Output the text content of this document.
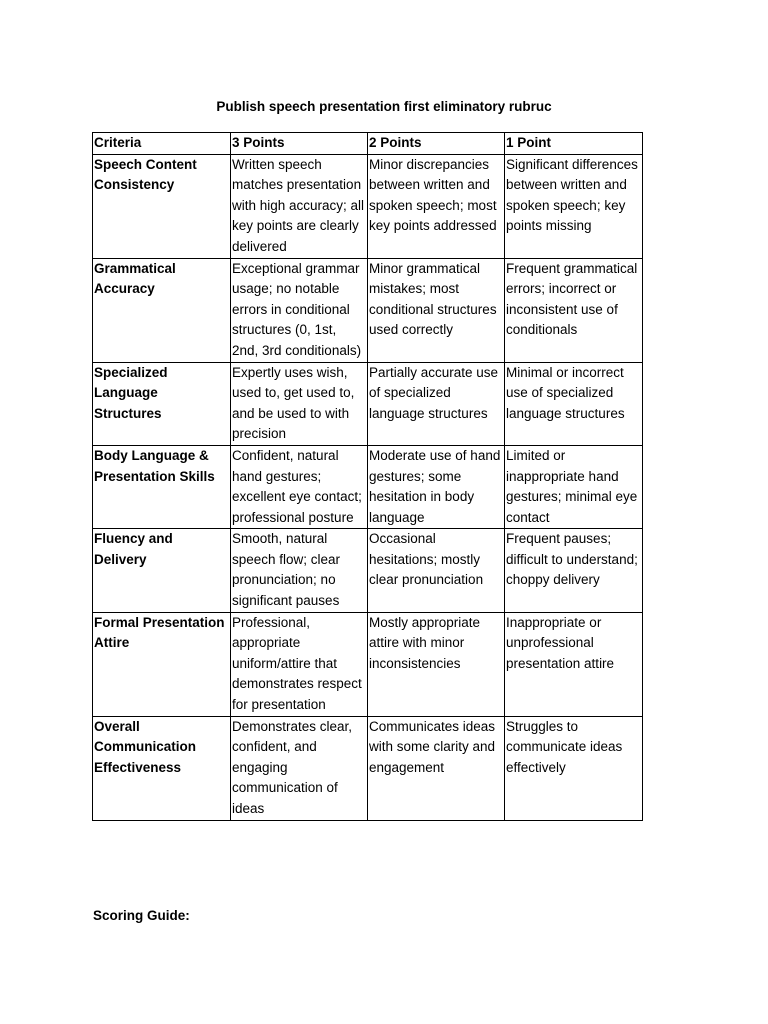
Publish speech presentation first eliminatory rubruc
Criteria	3 Points	2 Points	1 Point
Speech Content Consistency	Written speech matches presentation with high accuracy; all key points are clearly delivered	Minor discrepancies between written and spoken speech; most key points addressed	Significant differences between written and spoken speech; key points missing
Grammatical Accuracy	Exceptional grammar usage; no notable errors in conditional structures (0, 1st, 2nd, 3rd conditionals)	Minor grammatical mistakes; most conditional structures used correctly	Frequent grammatical errors; incorrect or inconsistent use of conditionals
Specialized Language Structures	Expertly uses wish, used to, get used to, and be used to with precision	Partially accurate use of specialized language structures	Minimal or incorrect use of specialized language structures
Body Language & Presentation Skills	Confident, natural hand gestures; excellent eye contact; professional posture	Moderate use of hand gestures; some hesitation in body language	Limited or inappropriate hand gestures; minimal eye contact
Fluency and Delivery	Smooth, natural speech flow; clear pronunciation; no significant pauses	Occasional hesitations; mostly clear pronunciation	Frequent pauses; difficult to understand; choppy delivery
Formal Presentation Attire	Professional, appropriate uniform/attire that demonstrates respect for presentation	Mostly appropriate attire with minor inconsistencies	Inappropriate or unprofessional presentation attire
Overall Communication Effectiveness	Demonstrates clear, confident, and engaging communication of ideas	Communicates ideas with some clarity and engagement	Struggles to communicate ideas effectively
Scoring Guide:
